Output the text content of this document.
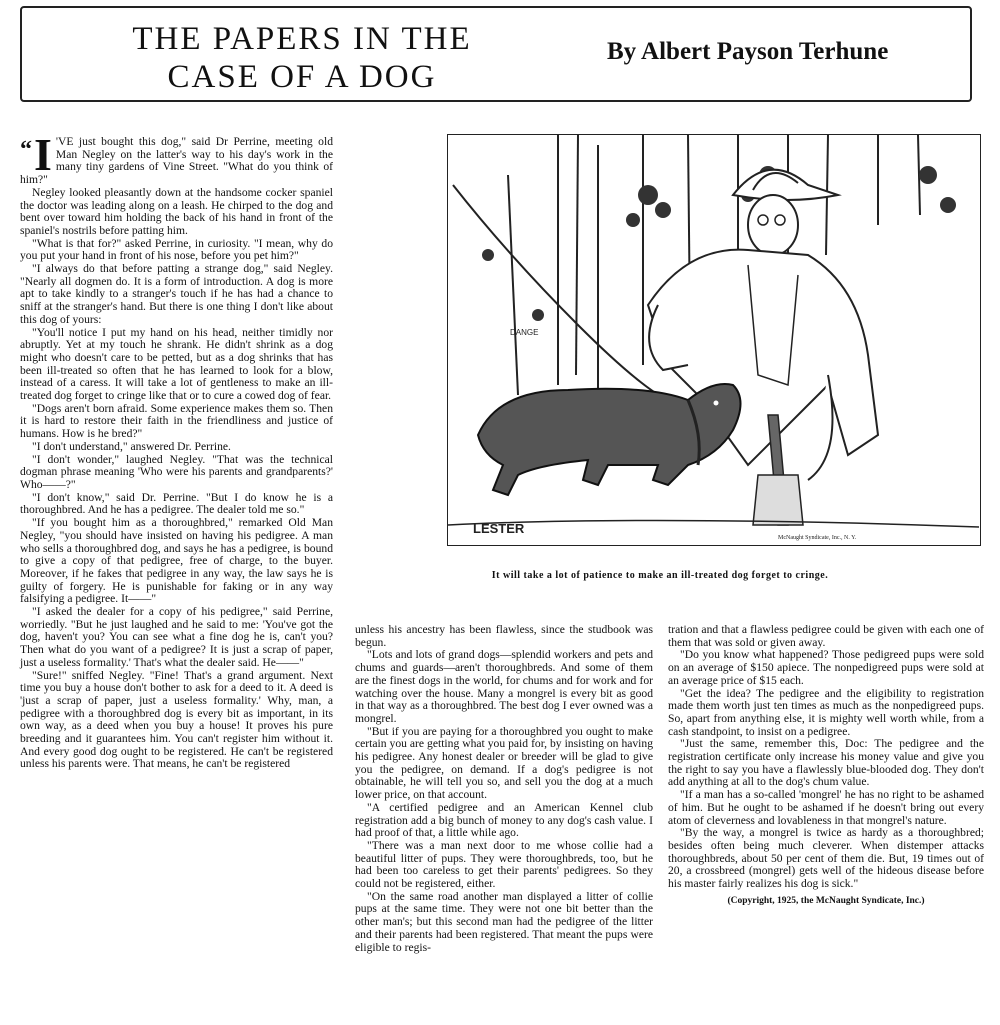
THE PAPERS IN THE
CASE OF A DOG
By Albert Payson Terhune

“ I 'VE just bought this dog," said Dr Perrine, meeting old Man Negley on the latter's way to his day's work in the many tiny gardens of Vine Street. "What do you think of him?"

Negley looked pleasantly down at the handsome cocker spaniel the doctor was leading along on a leash. He chirped to the dog and bent over toward him holding the back of his hand in front of the spaniel's nostrils before patting him.

"What is that for?" asked Perrine, in curiosity. "I mean, why do you put your hand in front of his nose, before you pet him?"

"I always do that before patting a strange dog," said Negley. "Nearly all dogmen do. It is a form of introduction. A dog is more apt to take kindly to a stranger's touch if he has had a chance to sniff at the stranger's hand. But there is one thing I don't like about this dog of yours:

"You'll notice I put my hand on his head, neither timidly nor abruptly. Yet at my touch he shrank. He didn't shrink as a dog might who doesn't care to be petted, but as a dog shrinks that has been ill-treated so often that he has learned to look for a blow, instead of a caress. It will take a lot of gentleness to make an ill-treated dog forget to cringe like that or to cure a cowed dog of fear.

"Dogs aren't born afraid. Some experience makes them so. Then it is hard to restore their faith in the friendliness and justice of humans. How is he bred?"

"I don't understand," answered Dr. Perrine.

"I don't wonder," laughed Negley. "That was the technical dogman phrase meaning 'Who were his parents and grandparents?' Who——?"

"I don't know," said Dr. Perrine. "But I do know he is a thoroughbred. And he has a pedigree. The dealer told me so."

"If you bought him as a thoroughbred," remarked Old Man Negley, "you should have insisted on having his pedigree. A man who sells a thoroughbred dog, and says he has a pedigree, is bound to give a copy of that pedigree, free of charge, to the buyer. Moreover, if he fakes that pedigree in any way, the law says he is guilty of forgery. He is punishable for faking or in any way falsifying a pedigree. It——"

"I asked the dealer for a copy of his pedigree," said Perrine, worriedly. "But he just laughed and he said to me: 'You've got the dog, haven't you? You can see what a fine dog he is, can't you? Then what do you want of a pedigree? It is just a scrap of paper, just a useless formality.' That's what the dealer said. He——"

"Sure!" sniffed Negley. "Fine! That's a grand argument. Next time you buy a house don't bother to ask for a deed to it. A deed is 'just a scrap of paper, just a useless formality.' Why, man, a pedigree with a thoroughbred dog is every bit as important, in its own way, as a deed when you buy a house! It proves his pure breeding and it guarantees him. You can't register him without it. And every good dog ought to be registered. He can't be registered unless his parents were. That means, he can't be registered

DANGE
LESTER
McNaught Syndicate, Inc., N. Y.
It will take a lot of patience to make an ill-treated dog forget to cringe.

unless his ancestry has been flawless, since the studbook was begun.

"Lots and lots of grand dogs—splendid workers and pets and chums and guards—aren't thoroughbreds. And some of them are the finest dogs in the world, for chums and for work and for watching over the house. Many a mongrel is every bit as good in that way as a thoroughbred. The best dog I ever owned was a mongrel.

"But if you are paying for a thoroughbred you ought to make certain you are getting what you paid for, by insisting on having his pedigree. Any honest dealer or breeder will be glad to give you the pedigree, on demand. If a dog's pedigree is not obtainable, he will tell you so, and sell you the dog at a much lower price, on that account.

"A certified pedigree and an American Kennel club registration add a big bunch of money to any dog's cash value. I had proof of that, a little while ago.

"There was a man next door to me whose collie had a beautiful litter of pups. They were thoroughbreds, too, but he had been too careless to get their parents' pedigrees. So they could not be registered, either.

"On the same road another man displayed a litter of collie pups at the same time. They were not one bit better than the other man's; but this second man had the pedigree of the litter and their parents had been registered. That meant the pups were eligible to regis-

tration and that a flawless pedigree could be given with each one of them that was sold or given away.

"Do you know what happened? Those pedigreed pups were sold on an average of $150 apiece. The nonpedigreed pups were sold at an average price of $15 each.

"Get the idea? The pedigree and the eligibility to registration made them worth just ten times as much as the nonpedigreed pups. So, apart from anything else, it is mighty well worth while, from a cash standpoint, to insist on a pedigree.

"Just the same, remember this, Doc: The pedigree and the registration certificate only increase his money value and give you the right to say you have a flawlessly blue-blooded dog. They don't add anything at all to the dog's chum value.

"If a man has a so-called 'mongrel' he has no right to be ashamed of him. But he ought to be ashamed if he doesn't bring out every atom of cleverness and lovableness in that mongrel's nature.

"By the way, a mongrel is twice as hardy as a thoroughbred; besides often being much cleverer. When distemper attacks thoroughbreds, about 50 per cent of them die. But, 19 times out of 20, a crossbreed (mongrel) gets well of the hideous disease before his master fairly realizes his dog is sick."

(Copyright, 1925, the McNaught Syndicate, Inc.)
